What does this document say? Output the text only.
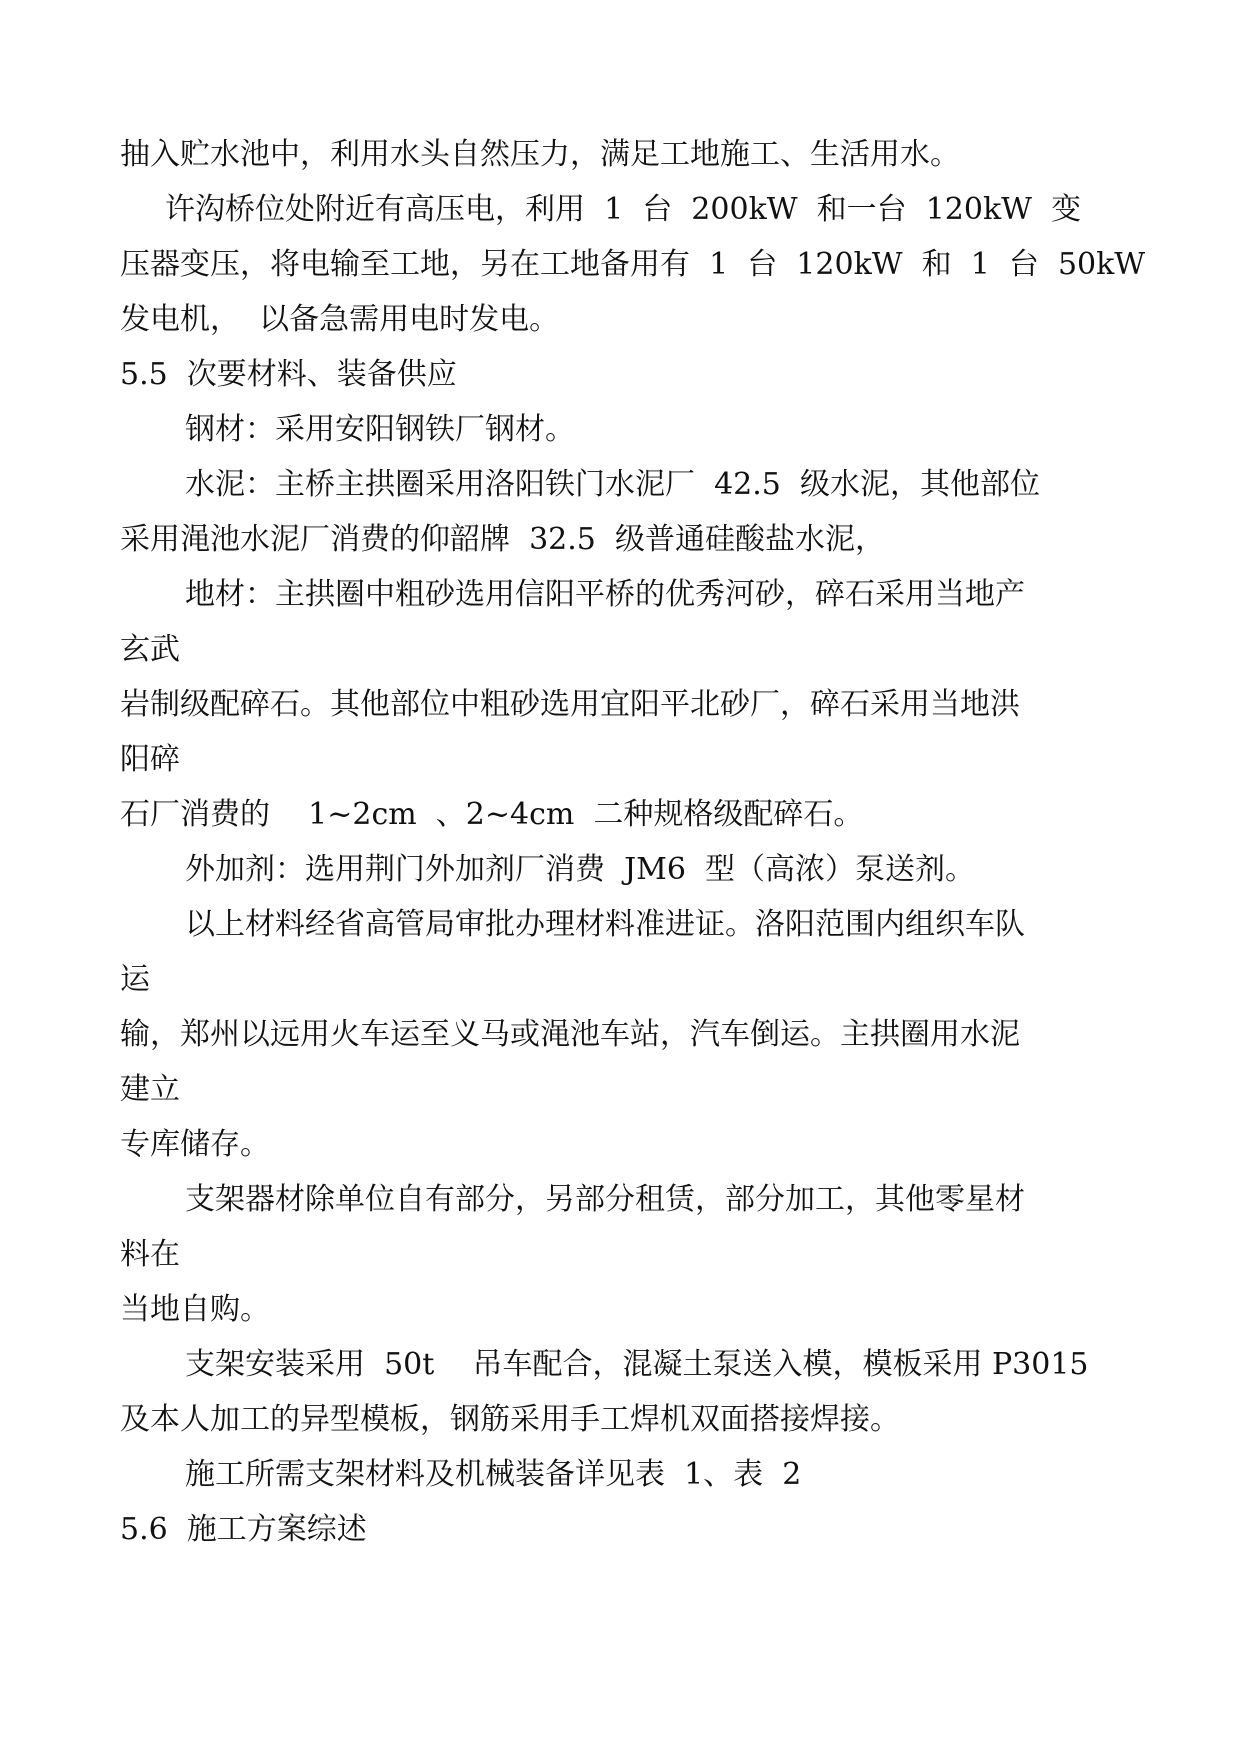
抽入贮水池中，利用水头自然压力，满足工地施工、生活用水。
许沟桥位处附近有高压电，利用  1  台  200kW  和一台  120kW  变
压器变压，将电输至工地，另在工地备用有  1  台  120kW  和  1  台  50kW
发电机，  以备急需用电时发电。
5.5  次要材料、装备供应
钢材：采用安阳钢铁厂钢材。
水泥：主桥主拱圈采用洛阳铁门水泥厂  42.5  级水泥，其他部位
采用渑池水泥厂消费的仰韶牌  32.5  级普通硅酸盐水泥，
地材：主拱圈中粗砂选用信阳平桥的优秀河砂，碎石采用当地产
玄武
岩制级配碎石。其他部位中粗砂选用宜阳平北砂厂，碎石采用当地洪
阳碎
石厂消费的    1~2cm  、2~4cm  二种规格级配碎石。
外加剂：选用荆门外加剂厂消费  JM6  型（高浓）泵送剂。
以上材料经省高管局审批办理材料准进证。洛阳范围内组织车队
运
输，郑州以远用火车运至义马或渑池车站，汽车倒运。主拱圈用水泥
建立
专库储存。
支架器材除单位自有部分，另部分租赁，部分加工，其他零星材
料在
当地自购。
支架安装采用  50t    吊车配合，混凝土泵送入模，模板采用 P3015
及本人加工的异型模板，钢筋采用手工焊机双面搭接焊接。
施工所需支架材料及机械装备详见表  1、表  2
5.6  施工方案综述
